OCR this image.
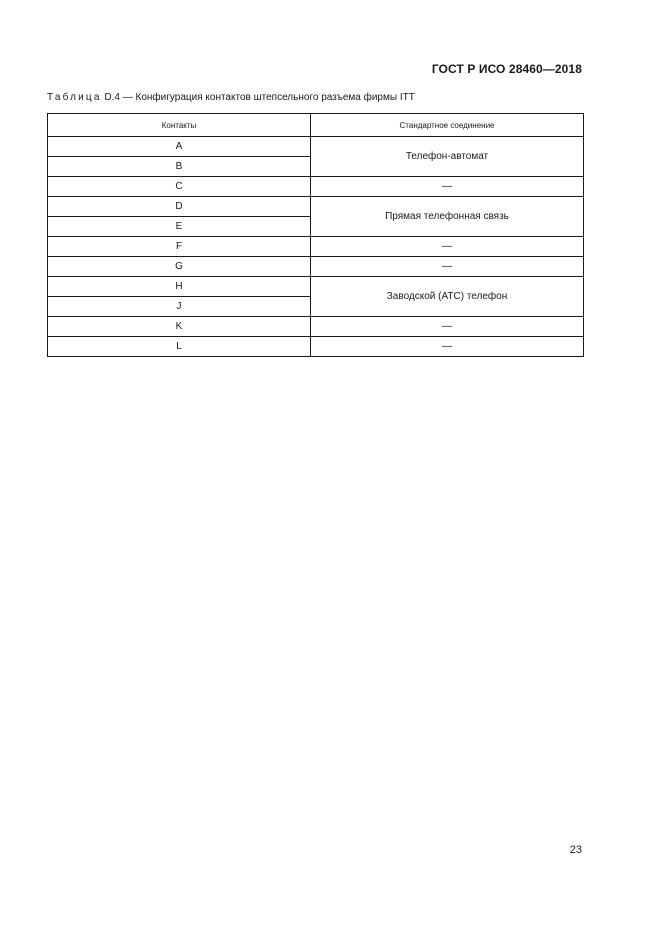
ГОСТ Р ИСО 28460—2018
Таблица D.4 — Конфигурация контактов штепсельного разъема фирмы ITT
Контакты	Стандартное соединение
A	Телефон-автомат
B	
C	—
D	Прямая телефонная связь
E	
F	—
G	—
H	Заводской (АТС) телефон
J	
K	—
L	—
23
